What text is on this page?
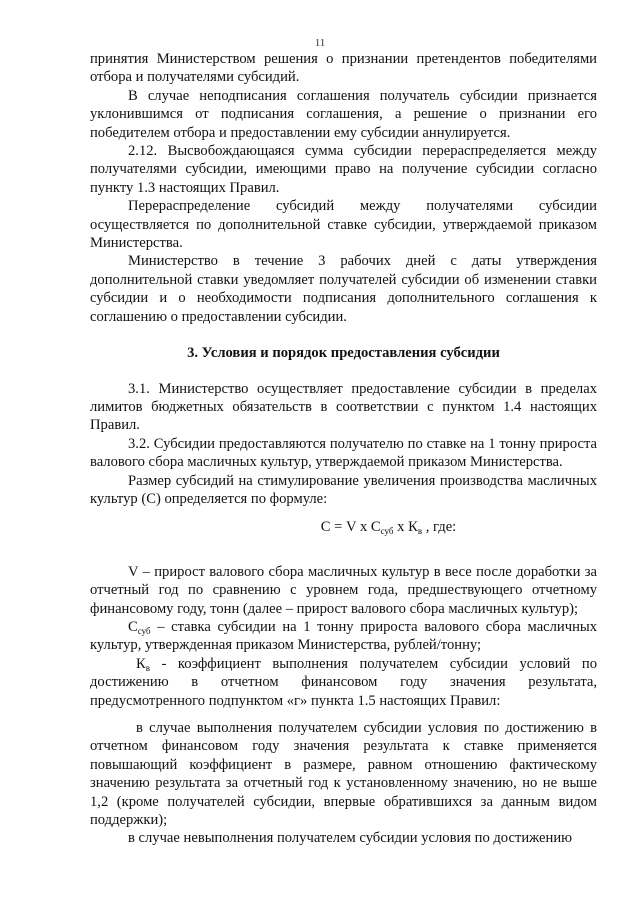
11

принятия Министерством решения о признании претендентов победителями отбора и получателями субсидий.

В случае неподписания соглашения получатель субсидии признается уклонившимся от подписания соглашения, а решение о признании его победителем отбора и предоставлении ему субсидии аннулируется.

2.12. Высвобождающаяся сумма субсидии перераспределяется между получателями субсидии, имеющими право на получение субсидии согласно пункту 1.3 настоящих Правил.

Перераспределение субсидий между получателями субсидии осуществляется по дополнительной ставке субсидии, утверждаемой приказом Министерства.

Министерство в течение 3 рабочих дней с даты утверждения дополнительной ставки уведомляет получателей субсидии об изменении ставки субсидии и о необходимости подписания дополнительного соглашения к соглашению о предоставлении субсидии.

3. Условия и порядок предоставления субсидии

3.1. Министерство осуществляет предоставление субсидии в пределах лимитов бюджетных обязательств в соответствии с пунктом 1.4 настоящих Правил.

3.2. Субсидии предоставляются получателю по ставке на 1 тонну прироста валового сбора масличных культур, утверждаемой приказом Министерства.

Размер субсидий на стимулирование увеличения производства масличных культур (С) определяется по формуле:

С = V х $С_{суб}$ х $К_в$ , где:

V – прирост валового сбора масличных культур в весе после доработки за отчетный год по сравнению с уровнем года, предшествующего отчетному финансовому году, тонн (далее – прирост валового сбора масличных культур);

$С_{суб}$ – ставка субсидии на 1 тонну прироста валового сбора масличных культур, утвержденная приказом Министерства, рублей/тонну;

$К_в$ - коэффициент выполнения получателем субсидии условий по достижению в отчетном финансовом году значения результата, предусмотренного подпунктом «г» пункта 1.5 настоящих Правил:

в случае выполнения получателем субсидии условия по достижению в отчетном финансовом году значения результата к ставке применяется повышающий коэффициент в размере, равном отношению фактическому значению результата за отчетный год к установленному значению, но не выше 1,2 (кроме получателей субсидии, впервые обратившихся за данным видом поддержки);

в случае невыполнения получателем субсидии условия по достижению
